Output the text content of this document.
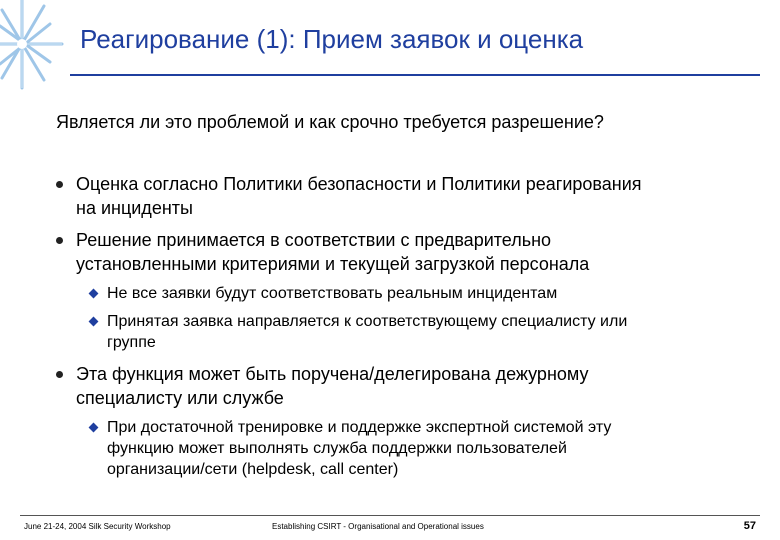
Реагирование (1): Прием заявок и оценка
Является ли это проблемой и как срочно требуется разрешение?
Оценка согласно Политики безопасности и Политики реагирования
на инциденты
Решение принимается в соответствии с предварительно
установленными критериями и текущей загрузкой персонала
Не все заявки будут соответствовать реальным инцидентам
Принятая заявка направляется к соответствующему специалисту или
группе
Эта функция может быть поручена/делегирована дежурному
специалисту или службе
При достаточной тренировке и поддержке экспертной системой эту
функцию может выполнять служба поддержки пользователей
организации/сети (helpdesk, call center)
June 21-24, 2004 Silk Security Workshop	Establishing CSIRT - Organisational and Operational issues	57
